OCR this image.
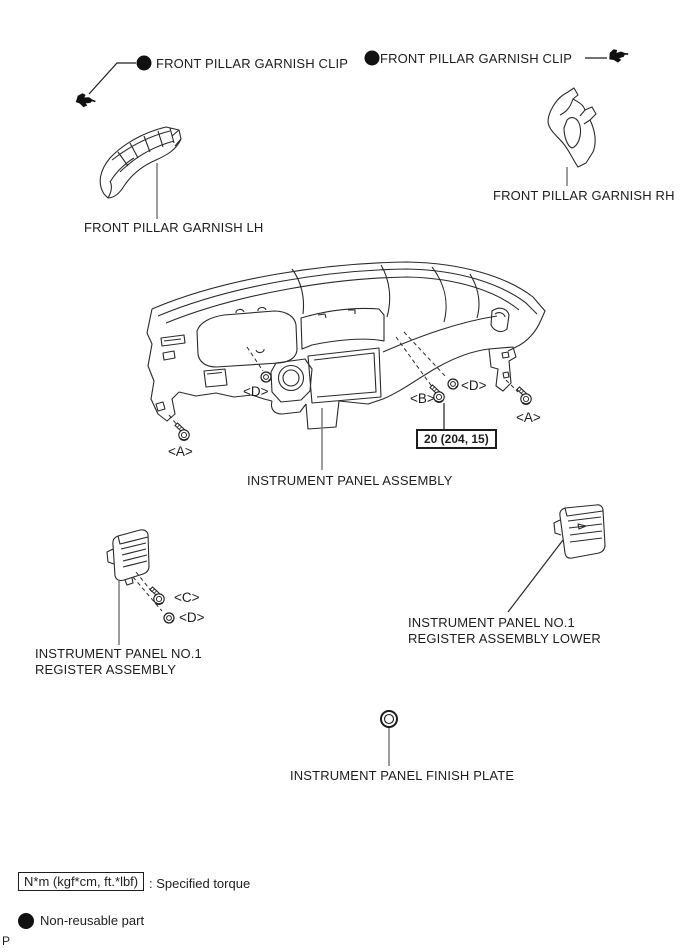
FRONT PILLAR GARNISH CLIP FRONT PILLAR GARNISH CLIP
FRONT PILLAR GARNISH LH
FRONT PILLAR GARNISH RH
INSTRUMENT PANEL ASSEMBLY
INSTRUMENT PANEL NO.1
REGISTER ASSEMBLY
INSTRUMENT PANEL NO.1
REGISTER ASSEMBLY LOWER
INSTRUMENT PANEL FINISH PLATE
<A>
<A>
<B>
<D>	<D>
<C>
<D>
20 (204, 15)
N*m (kgf*cm, ft.*lbf) : Specified torque
Non-reusable part
P
